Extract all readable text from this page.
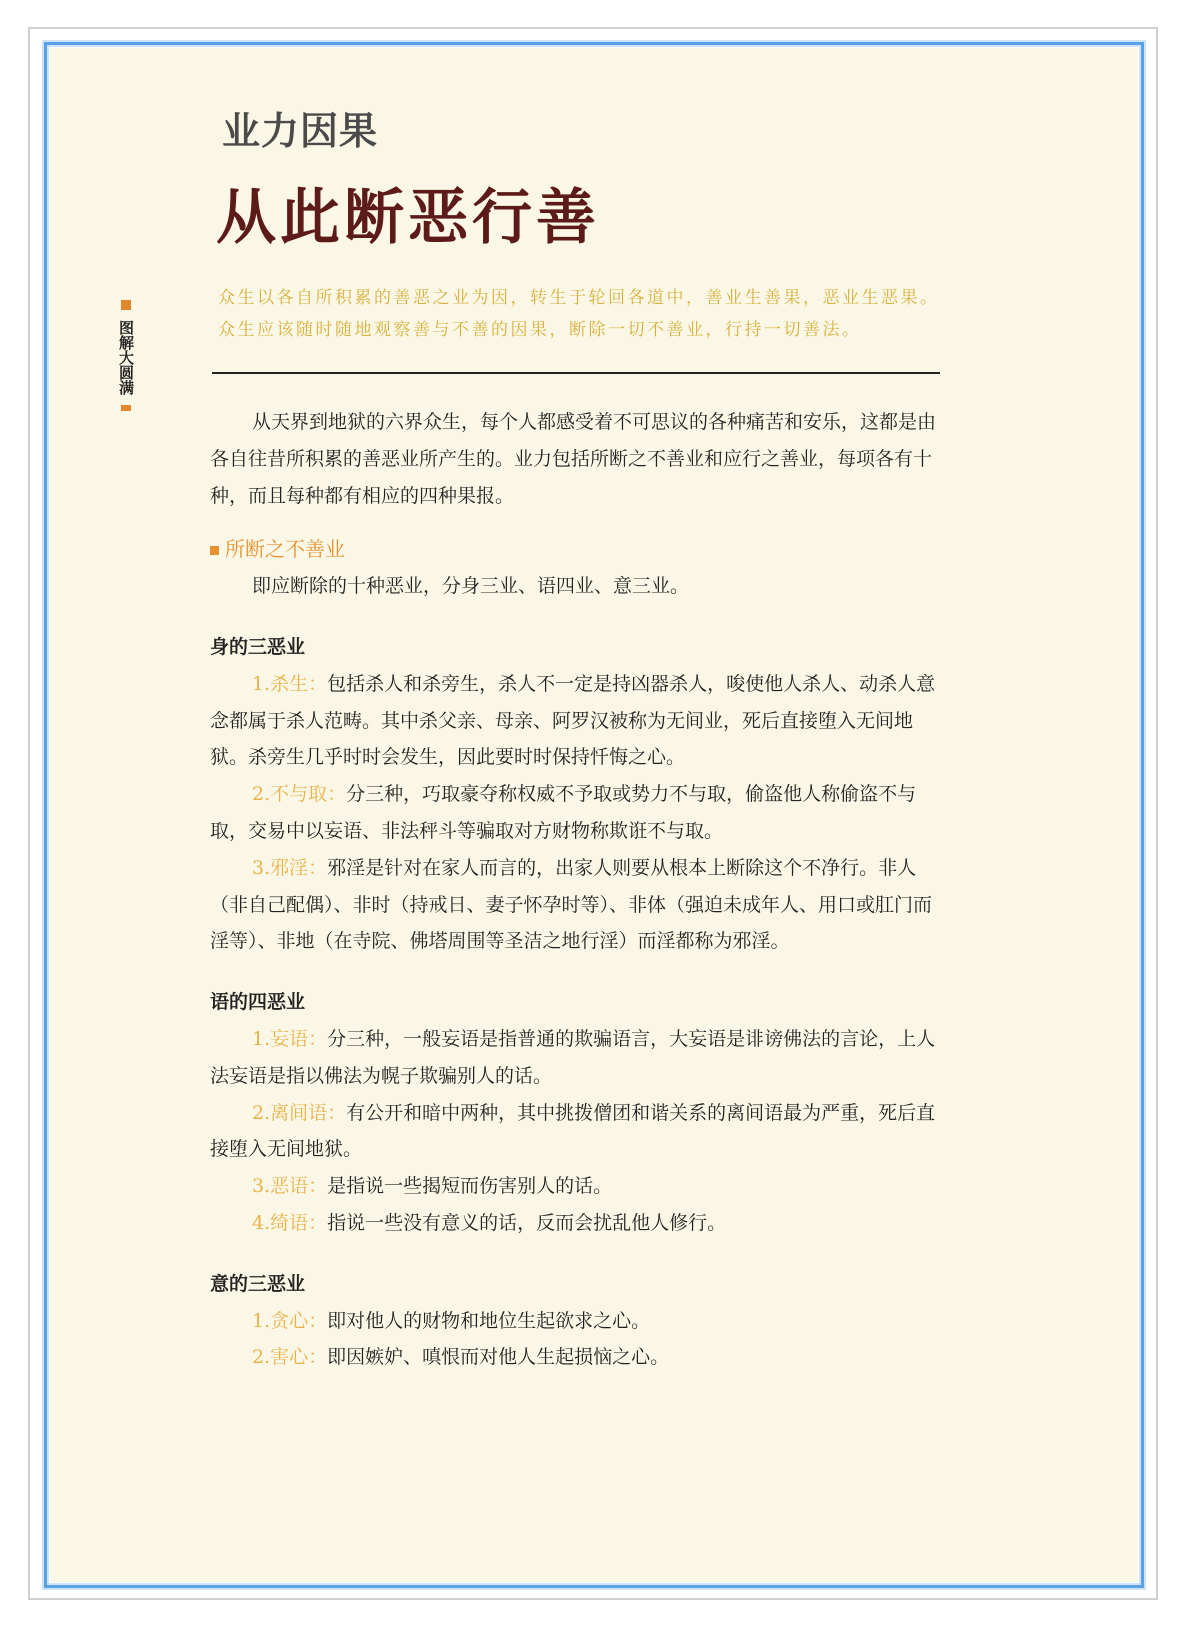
业力因果
从此断恶行善
众生以各自所积累的善恶之业为因，转生于轮回各道中，善业生善果，恶业生恶果。众生应该随时随地观察善与不善的因果，断除一切不善业，行持一切善法。
图解大圆满

从天界到地狱的六界众生，每个人都感受着不可思议的各种痛苦和安乐，这都是由各自往昔所积累的善恶业所产生的。业力包括所断之不善业和应行之善业，每项各有十种，而且每种都有相应的四种果报。

所断之不善业

即应断除的十种恶业，分身三业、语四业、意三业。

身的三恶业

1.杀生：包括杀人和杀旁生，杀人不一定是持凶器杀人，唆使他人杀人、动杀人意念都属于杀人范畴。其中杀父亲、母亲、阿罗汉被称为无间业，死后直接堕入无间地狱。杀旁生几乎时时会发生，因此要时时保持忏悔之心。

2.不与取：分三种，巧取豪夺称权威不予取或势力不与取，偷盗他人称偷盗不与取，交易中以妄语、非法秤斗等骗取对方财物称欺诳不与取。

3.邪淫：邪淫是针对在家人而言的，出家人则要从根本上断除这个不净行。非人（非自己配偶）、非时（持戒日、妻子怀孕时等）、非体（强迫未成年人、用口或肛门而淫等）、非地（在寺院、佛塔周围等圣洁之地行淫）而淫都称为邪淫。

语的四恶业

1.妄语：分三种，一般妄语是指普通的欺骗语言，大妄语是诽谤佛法的言论，上人法妄语是指以佛法为幌子欺骗别人的话。

2.离间语：有公开和暗中两种，其中挑拨僧团和谐关系的离间语最为严重，死后直接堕入无间地狱。

3.恶语：是指说一些揭短而伤害别人的话。

4.绮语：指说一些没有意义的话，反而会扰乱他人修行。

意的三恶业

1.贪心：即对他人的财物和地位生起欲求之心。

2.害心：即因嫉妒、嗔恨而对他人生起损恼之心。
